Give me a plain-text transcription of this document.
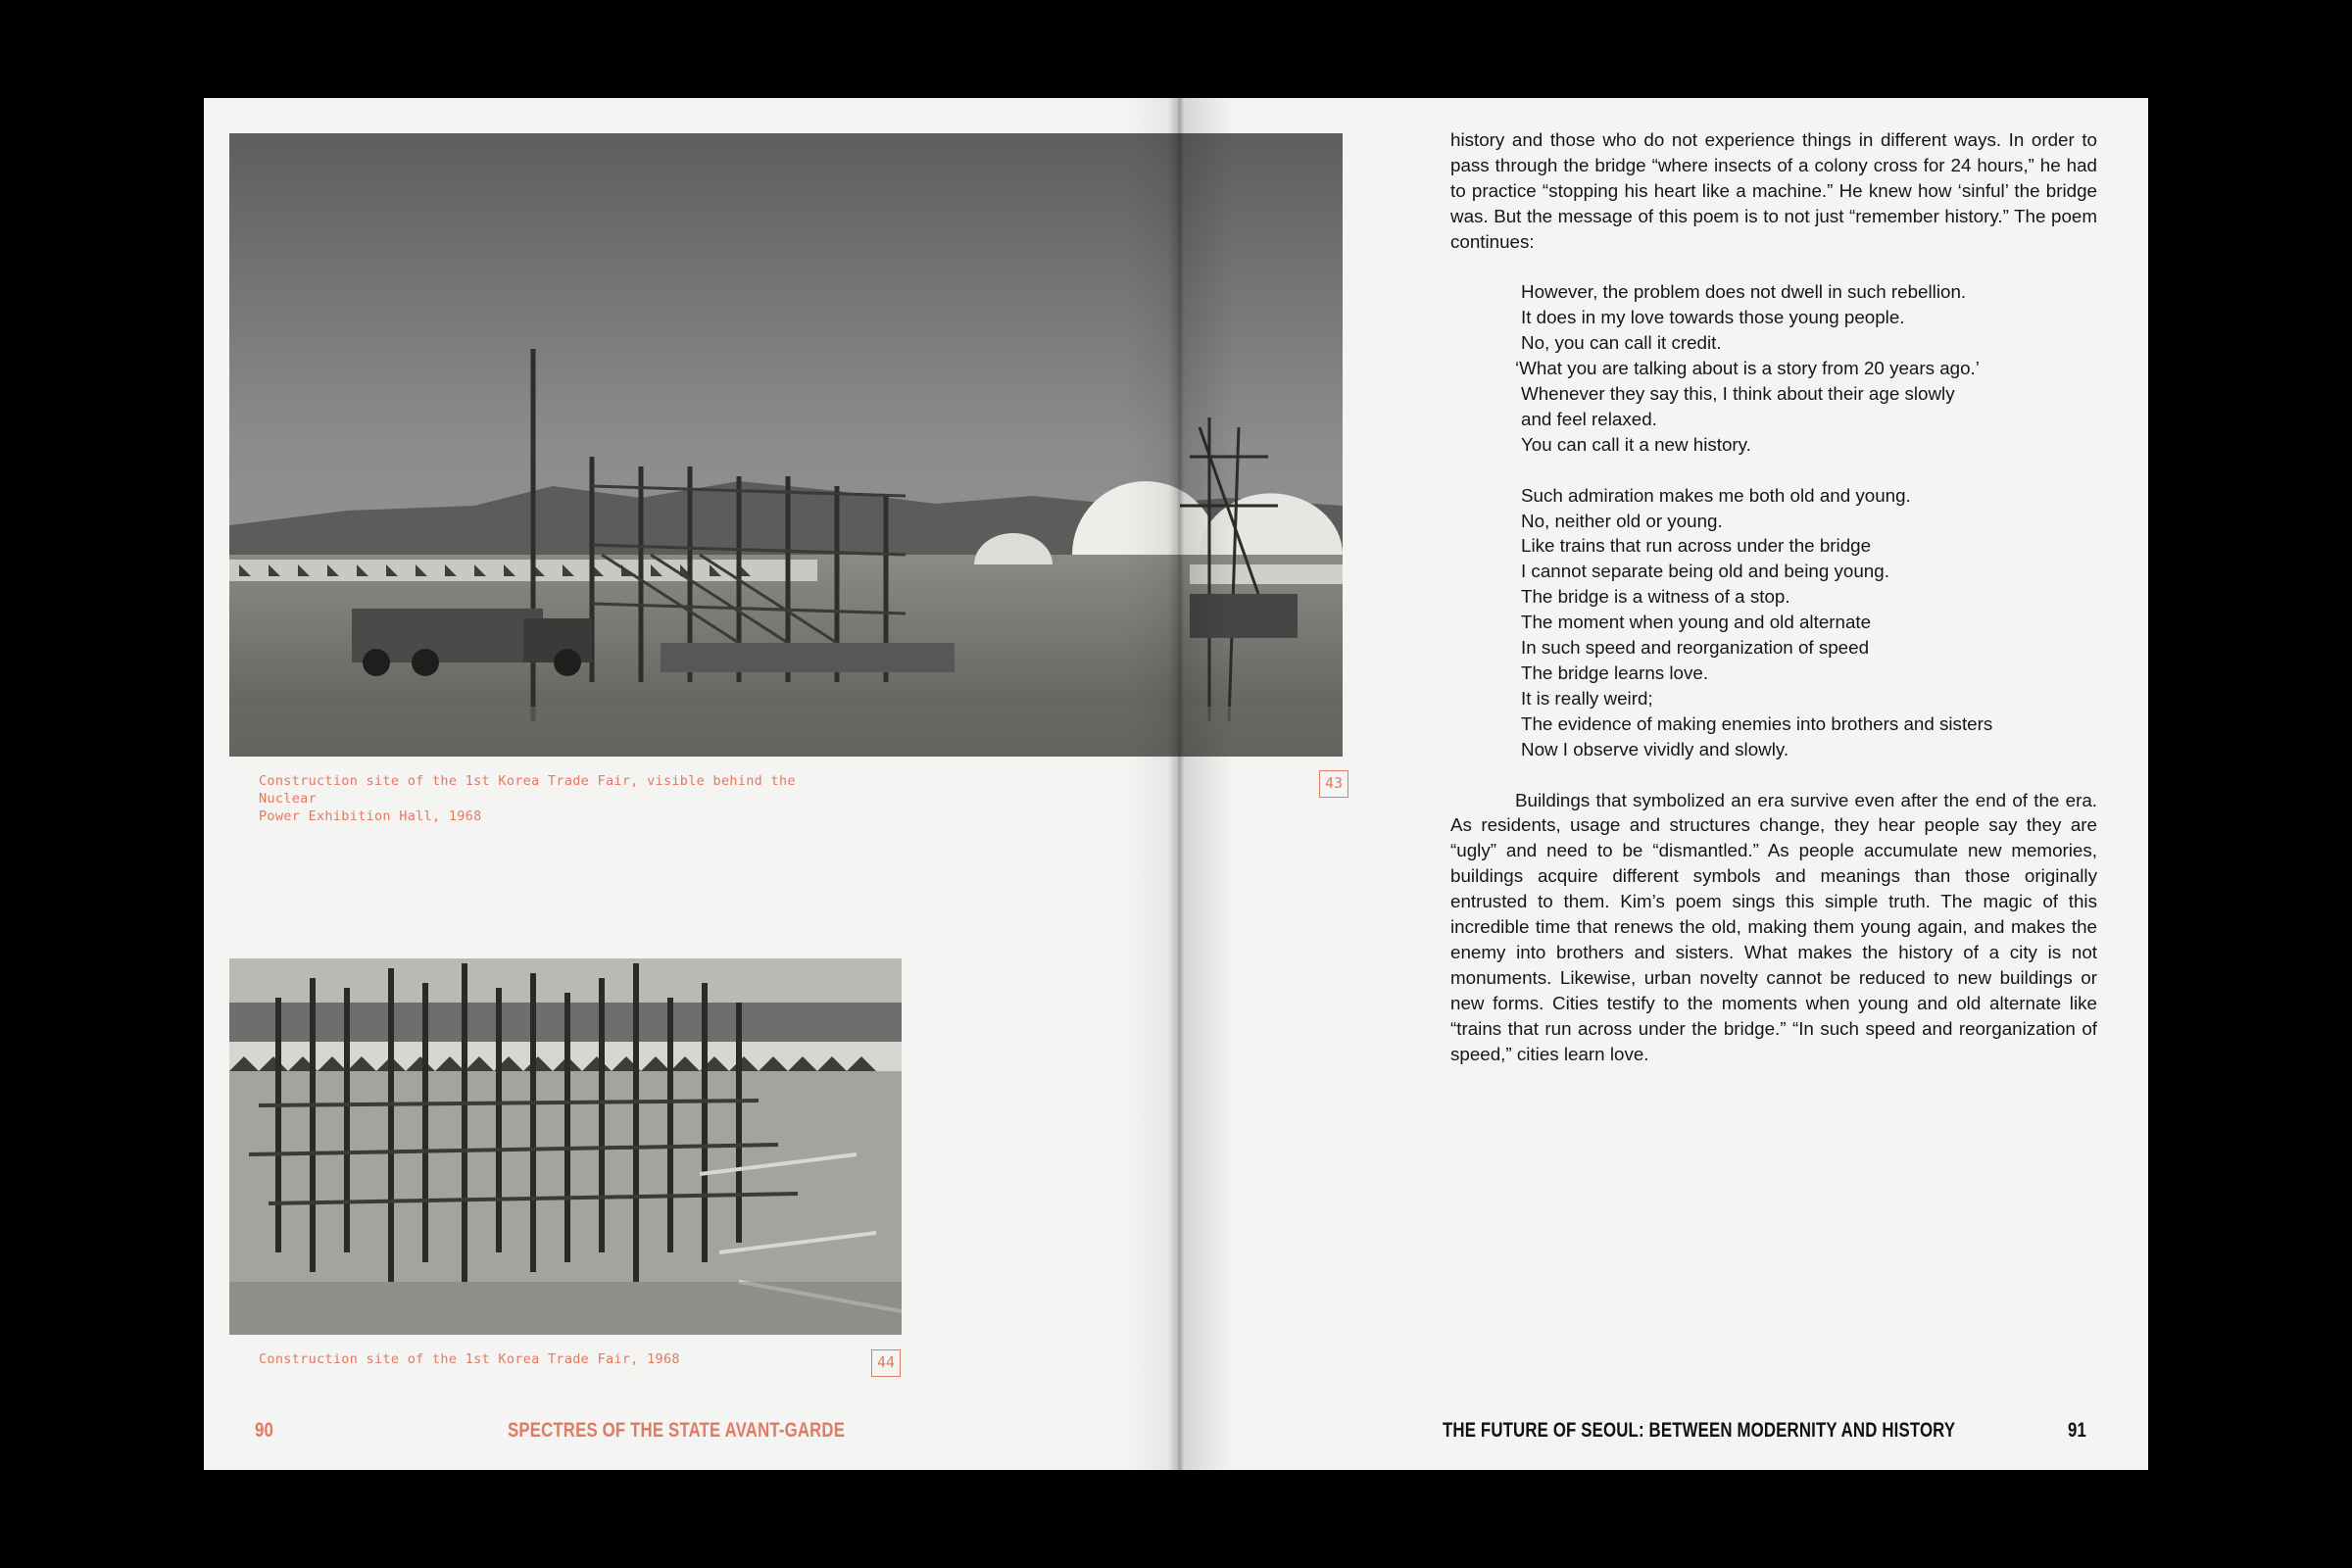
Construction site of the 1st Korea Trade Fair, visible behind the Nuclear
Power Exhibition Hall, 1968
Construction site of the 1st Korea Trade Fair, 1968	44
90	SPECTRES OF THE STATE AVANT-GARDE
43
THE FUTURE OF SEOUL: BETWEEN MODERNITY AND HISTORY	91

history and those who do not experience things in different ways. In order to pass through the bridge “where insects of a colony cross for 24 hours,” he had to practice “stopping his heart like a machine.” He knew how ‘sinful’ the bridge was. But the message of this poem is to not just “remember history.” The poem continues:

However, the problem does not dwell in such rebellion.
It does in my love towards those young people.
No, you can call it credit.
‘What you are talking about is a story from 20 years ago.’
Whenever they say this, I think about their age slowly
and feel relaxed.
You can call it a new history.
Such admiration makes me both old and young.
No, neither old or young.
Like trains that run across under the bridge
I cannot separate being old and being young.
The bridge is a witness of a stop.
The moment when young and old alternate
In such speed and reorganization of speed
The bridge learns love.
It is really weird;
The evidence of making enemies into brothers and sisters
Now I observe vividly and slowly.

Buildings that symbolized an era survive even after the end of the era. As residents, usage and structures change, they hear people say they are “ugly” and need to be “dismantled.” As people accumulate new memories, buildings acquire different symbols and meanings than those originally entrusted to them. Kim’s poem sings this simple truth. The magic of this incredible time that renews the old, making them young again, and makes the enemy into brothers and sisters. What makes the history of a city is not monuments. Likewise, urban novelty cannot be reduced to new buildings or new forms. Cities testify to the moments when young and old alternate like “trains that run across under the bridge.” “In such speed and reorganization of speed,” cities learn love.
